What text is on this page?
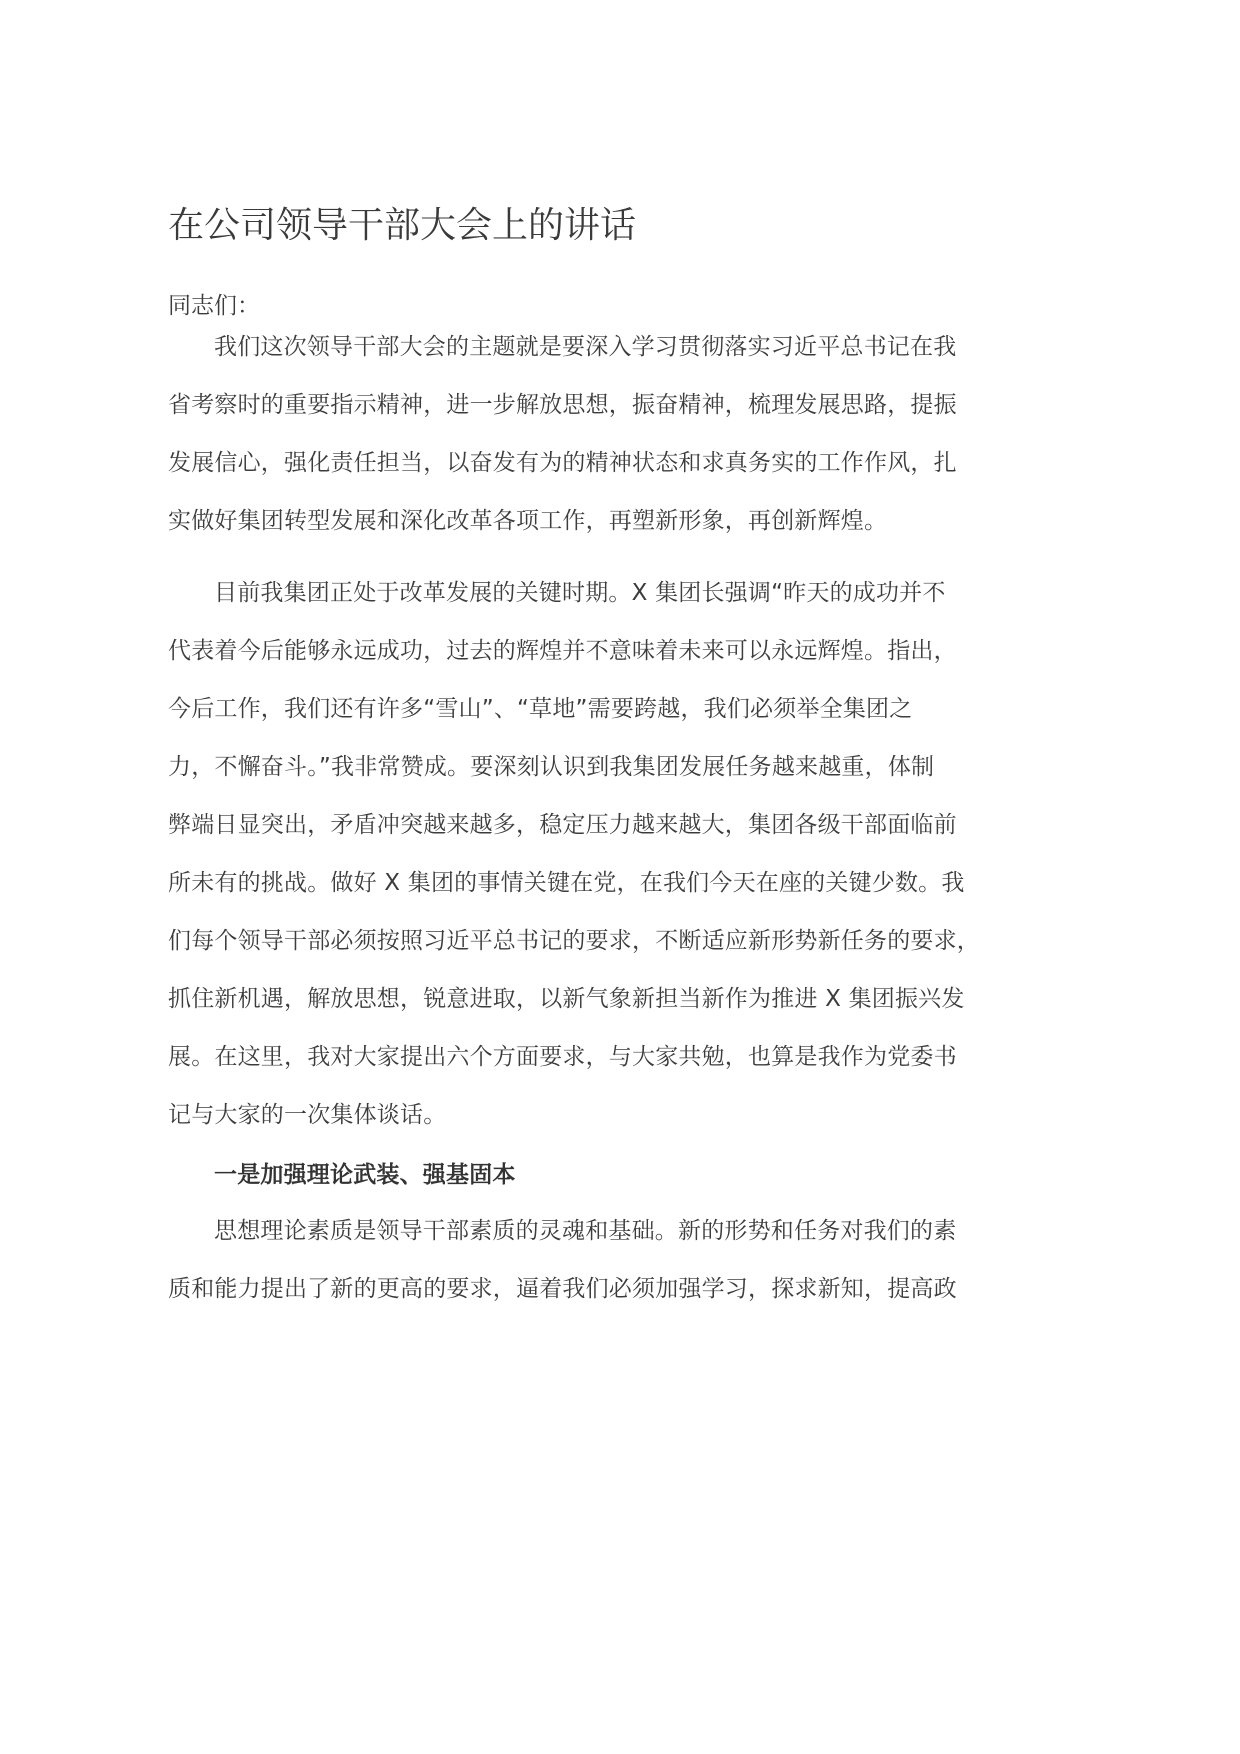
在公司领导干部大会上的讲话
同志们：
我们这次领导干部大会的主题就是要深入学习贯彻落实习近平总书记在我
省考察时的重要指示精神，进一步解放思想，振奋精神，梳理发展思路，提振
发展信心，强化责任担当，以奋发有为的精神状态和求真务实的工作作风，扎
实做好集团转型发展和深化改革各项工作，再塑新形象，再创新辉煌。
目前我集团正处于改革发展的关键时期。X 集团长强调“昨天的成功并不
代表着今后能够永远成功，过去的辉煌并不意味着未来可以永远辉煌。指出，
今后工作，我们还有许多“雪山”、“草地”需要跨越，我们必须举全集团之
力，不懈奋斗。”我非常赞成。要深刻认识到我集团发展任务越来越重，体制
弊端日显突出，矛盾冲突越来越多，稳定压力越来越大，集团各级干部面临前
所未有的挑战。做好 X 集团的事情关键在党，在我们今天在座的关键少数。我
们每个领导干部必须按照习近平总书记的要求，不断适应新形势新任务的要求，
抓住新机遇，解放思想，锐意进取，以新气象新担当新作为推进 X 集团振兴发
展。在这里，我对大家提出六个方面要求，与大家共勉，也算是我作为党委书
记与大家的一次集体谈话。
一是加强理论武装、强基固本
思想理论素质是领导干部素质的灵魂和基础。新的形势和任务对我们的素
质和能力提出了新的更高的要求，逼着我们必须加强学习，探求新知，提高政
